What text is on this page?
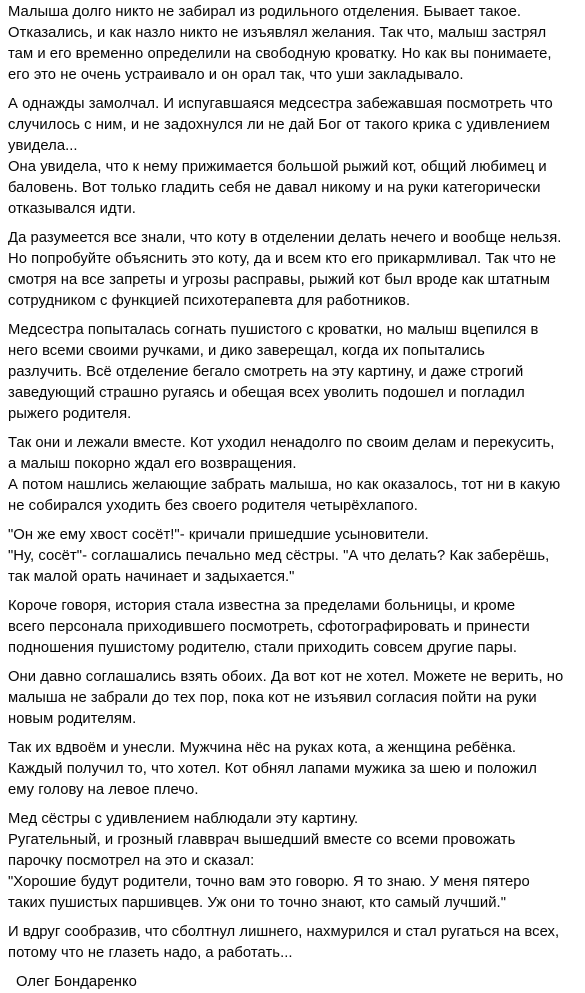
Малыша долго никто не забирал из родильного отделения. Бывает такое.
Отказались, и как назло никто не изъявлял желания. Так что, малыш застрял
там и его временно определили на свободную кроватку. Но как вы понимаете,
его это не очень устраивало и он орал так, что уши закладывало.
А однажды замолчал. И испугавшаяся медсестра забежавшая посмотреть что
случилось с ним, и не задохнулся ли не дай Бог от такого крика с удивлением
увидела...
Она увидела, что к нему прижимается большой рыжий кот, общий любимец и
баловень. Вот только гладить себя не давал никому и на руки категорически
отказывался идти.
Да разумеется все знали, что коту в отделении делать нечего и вообще нельзя.
Но попробуйте объяснить это коту, да и всем кто его прикармливал. Так что не
смотря на все запреты и угрозы расправы, рыжий кот был вроде как штатным
сотрудником с функцией психотерапевта для работников.
Медсестра попыталась согнать пушистого с кроватки, но малыш вцепился в
него всеми своими ручками, и дико заверещал, когда их попытались
разлучить. Всё отделение бегало смотреть на эту картину, и даже строгий
заведующий страшно ругаясь и обещая всех уволить подошел и погладил
рыжего родителя.
Так они и лежали вместе. Кот уходил ненадолго по своим делам и перекусить,
а малыш покорно ждал его возвращения.
А потом нашлись желающие забрать малыша, но как оказалось, тот ни в какую
не собирался уходить без своего родителя четырёхлапого.
"Он же ему хвост сосёт!"- кричали пришедшие усыновители.
"Ну, сосёт"- соглашались печально мед сёстры. "А что делать? Как заберёшь,
так малой орать начинает и задыхается."
Короче говоря, история стала известна за пределами больницы, и кроме
всего персонала приходившего посмотреть, сфотографировать и принести
подношения пушистому родителю, стали приходить совсем другие пары.
Они давно соглашались взять обоих. Да вот кот не хотел. Можете не верить, но
малыша не забрали до тех пор, пока кот не изъявил согласия пойти на руки
новым родителям.
Так их вдвоём и унесли. Мужчина нёс на руках кота, а женщина ребёнка.
Каждый получил то, что хотел. Кот обнял лапами мужика за шею и положил
ему голову на левое плечо.
Мед сёстры с удивлением наблюдали эту картину.
Ругательный, и грозный главврач вышедший вместе со всеми провожать
парочку посмотрел на это и сказал:
"Хорошие будут родители, точно вам это говорю. Я то знаю. У меня пятеро
таких пушистых паршивцев. Уж они то точно знают, кто самый лучший."
И вдруг сообразив, что сболтнул лишнего, нахмурился и стал ругаться на всех,
потому что не глазеть надо, а работать...
Олег Бондаренко
